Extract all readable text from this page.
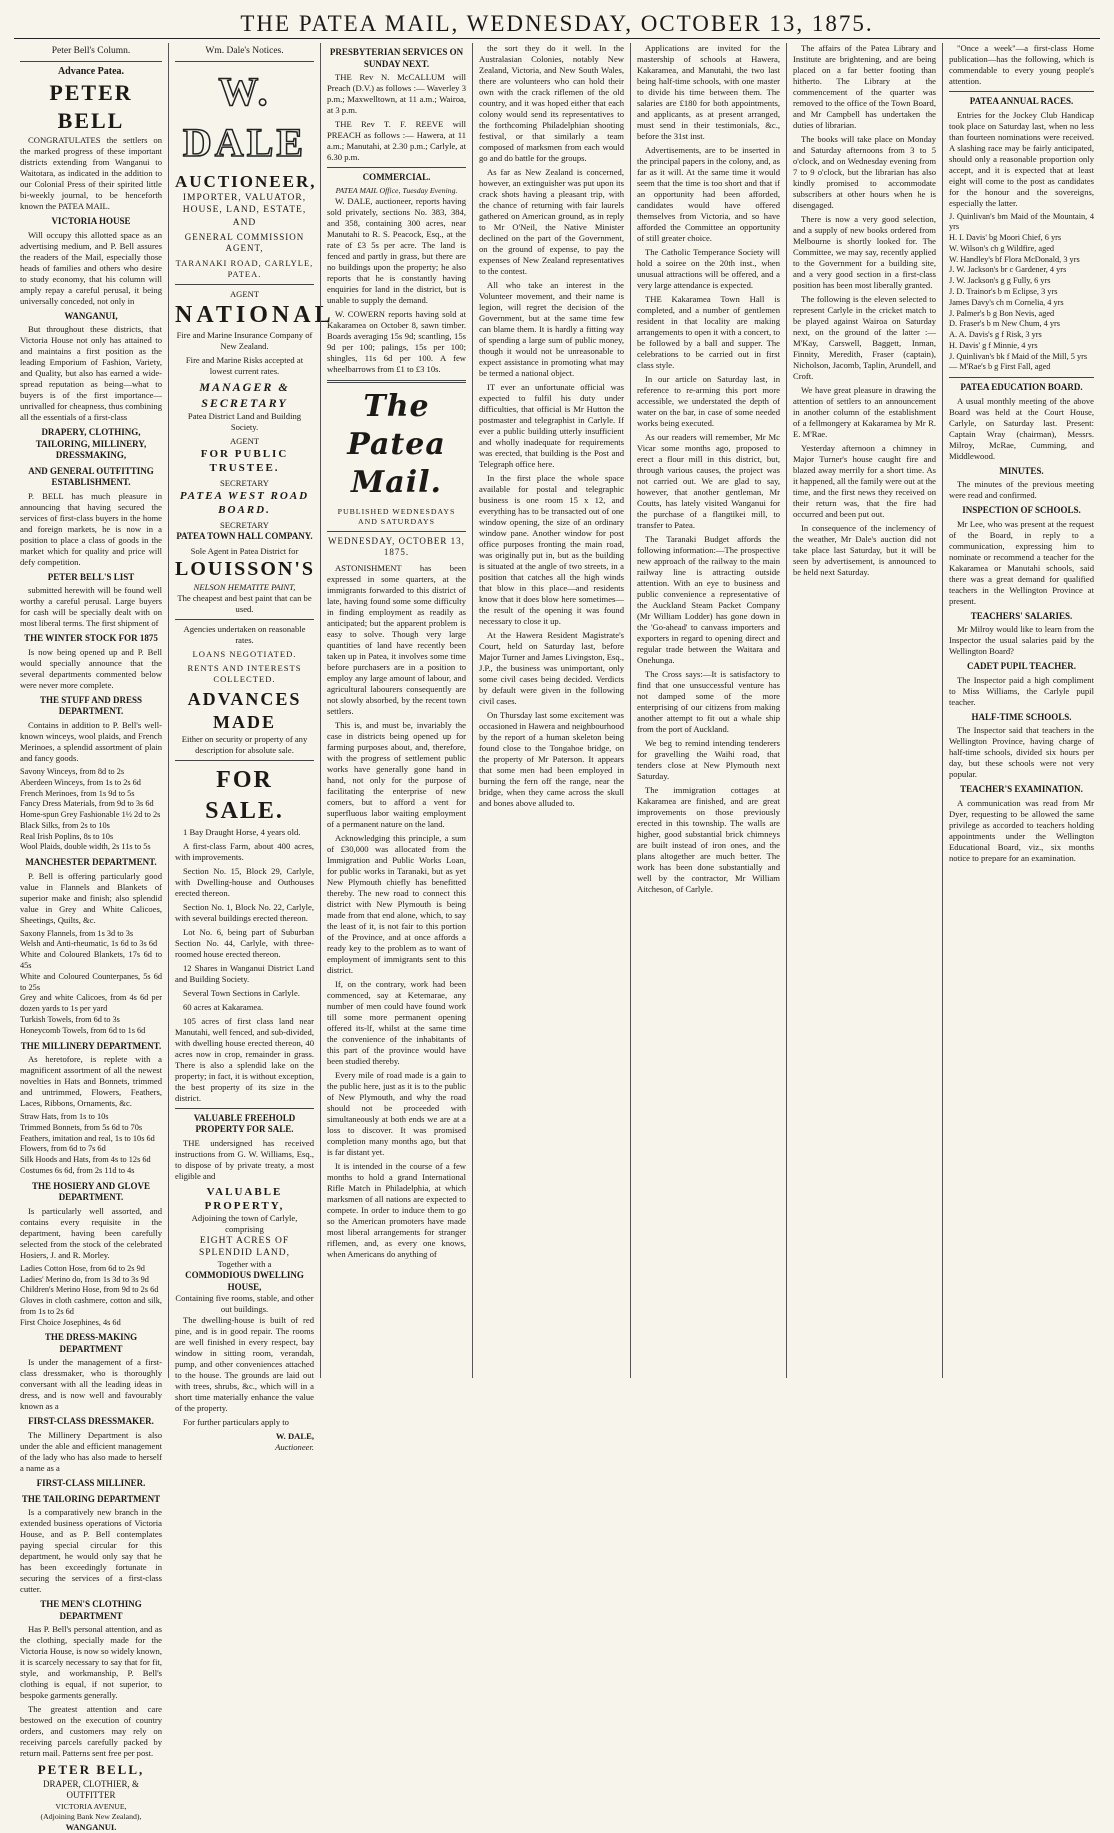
THE PATEA MAIL, WEDNESDAY, OCTOBER 13, 1875.
Peter Bell's Column.
Advance Patea.
PETER BELL

CONGRATULATES the settlers on the marked progress of these important districts extending from Wanganui to Waitotara, as indicated in the addition to our Colonial Press of their spirited little bi-weekly journal, to be henceforth known the PATEA MAIL.

VICTORIA HOUSE

Will occupy this allotted space as an advertising medium, and P. Bell assures the readers of the Mail, especially those heads of families and others who desire to study economy, that his column will amply repay a careful perusal, it being universally conceded, not only in

WANGANUI,

But throughout these districts, that Victoria House not only has attained to and maintains a first position as the leading Emporium of Fashion, Variety, and Quality, but also has earned a wide-spread reputation as being—what to buyers is of the first importance—unrivalled for cheapness, thus combining all the essentials of a first-class

DRAPERY, CLOTHING, TAILORING, MILLINERY, DRESSMAKING,
AND GENERAL OUTFITTING ESTABLISHMENT.

P. BELL has much pleasure in announcing that having secured the services of first-class buyers in the home and foreign markets, he is now in a position to place a class of goods in the market which for quality and price will defy competition.

PETER BELL'S LIST

submitted herewith will be found well worthy a careful perusal. Large buyers for cash will be specially dealt with on most liberal terms. The first shipment of

THE WINTER STOCK FOR 1875

Is now being opened up and P. Bell would specially announce that the several departments commented below were never more complete.

THE STUFF AND DRESS DEPARTMENT.

Contains in addition to P. Bell's well-known winceys, wool plaids, and French Merinoes, a splendid assortment of plain and fancy goods.

Savony Winceys, from 8d to 2s
Aberdeen Winceys, from 1s to 2s 6d
French Merinoes, from 1s 9d to 5s
Fancy Dress Materials, from 9d to 3s 6d
Home-spun Grey Fashionable 1½ 2d to 2s
Black Silks, from 2s to 10s
Real Irish Poplins, 8s to 10s
Wool Plaids, double width, 2s 11s to 5s
MANCHESTER DEPARTMENT.

P. Bell is offering particularly good value in Flannels and Blankets of superior make and finish; also splendid value in Grey and White Calicoes, Sheetings, Quilts, &c.

Saxony Flannels, from 1s 3d to 3s
Welsh and Anti-rheumatic, 1s 6d to 3s 6d
White and Coloured Blankets, 17s 6d to 45s
White and Coloured Counterpanes, 5s 6d to 25s
Grey and white Calicoes, from 4s 6d per dozen yards to 1s per yard
Turkish Towels, from 6d to 3s
Honeycomb Towels, from 6d to 1s 6d
THE MILLINERY DEPARTMENT.

As heretofore, is replete with a magnificent assortment of all the newest novelties in Hats and Bonnets, trimmed and untrimmed, Flowers, Feathers, Laces, Ribbons, Ornaments, &c.

Straw Hats, from 1s to 10s
Trimmed Bonnets, from 5s 6d to 70s
Feathers, imitation and real, 1s to 10s 6d
Flowers, from 6d to 7s 6d
Silk Hoods and Hats, from 4s to 12s 6d
Costumes 6s 6d, from 2s 11d to 4s
THE HOSIERY AND GLOVE DEPARTMENT.

Is particularly well assorted, and contains every requisite in the department, having been carefully selected from the stock of the celebrated Hosiers, J. and R. Morley.

Ladies Cotton Hose, from 6d to 2s 9d
Ladies' Merino do, from 1s 3d to 3s 9d
Children's Merino Hose, from 9d to 2s 6d
Gloves in cloth cashmere, cotton and silk, from 1s to 2s 6d
First Choice Josephines, 4s 6d
THE DRESS-MAKING DEPARTMENT

Is under the management of a first-class dressmaker, who is thoroughly conversant with all the leading ideas in dress, and is now well and favourably known as a

FIRST-CLASS DRESSMAKER.

The Millinery Department is also under the able and efficient management of the lady who has also made to herself a name as a

FIRST-CLASS MILLINER.
THE TAILORING DEPARTMENT

Is a comparatively new branch in the extended business operations of Victoria House, and as P. Bell contemplates paying special circular for this department, he would only say that he has been exceedingly fortunate in securing the services of a first-class cutter.

THE MEN'S CLOTHING DEPARTMENT

Has P. Bell's personal attention, and as the clothing, specially made for the Victoria House, is now so widely known, it is scarcely necessary to say that for fit, style, and workmanship, P. Bell's clothing is equal, if not superior, to bespoke garments generally.

The greatest attention and care bestowed on the execution of country orders, and customers may rely on receiving parcels carefully packed by return mail. Patterns sent free per post.

PETER BELL,
DRAPER, CLOTHIER, & OUTFITTER
VICTORIA AVENUE,
(Adjoining Bank New Zealand),
WANGANUI.
Wm. Dale's Notices.
W. DALE
AUCTIONEER,
IMPORTER, VALUATOR, HOUSE, LAND, ESTATE, AND
GENERAL COMMISSION AGENT,
TARANAKI ROAD, CARLYLE, PATEA.
AGENT
NATIONAL
Fire and Marine Insurance Company of New Zealand.
Fire and Marine Risks accepted at lowest current rates.
MANAGER & SECRETARY
Patea District Land and Building Society.
AGENT
FOR PUBLIC TRUSTEE.
SECRETARY
PATEA WEST ROAD BOARD.
SECRETARY
PATEA TOWN HALL COMPANY.
Sole Agent in Patea District for
LOUISSON'S
NELSON HEMATITE PAINT,
The cheapest and best paint that can be used.
Agencies undertaken on reasonable rates.
LOANS NEGOTIATED.
RENTS AND INTERESTS COLLECTED.
ADVANCES MADE
Either on security or property of any description for absolute sale.
FOR SALE.

1 Bay Draught Horse, 4 years old.

A first-class Farm, about 400 acres, with improvements.

Section No. 15, Block 29, Carlyle, with Dwelling-house and Outhouses erected thereon.

Section No. 1, Block No. 22, Carlyle, with several buildings erected thereon.

Lot No. 6, being part of Suburban Section No. 44, Carlyle, with three-roomed house erected thereon.

12 Shares in Wanganui District Land and Building Society.

Several Town Sections in Carlyle.

60 acres at Kakaramea.

105 acres of first class land near Manutahi, well fenced, and sub-divided, with dwelling house erected thereon, 40 acres now in crop, remainder in grass. There is also a splendid lake on the property; in fact, it is without exception, the best property of its size in the district.

VALUABLE FREEHOLD PROPERTY FOR SALE.

THE undersigned has received instructions from G. W. Williams, Esq., to dispose of by private treaty, a most eligible and

VALUABLE PROPERTY,
Adjoining the town of Carlyle, comprising
EIGHT ACRES OF SPLENDID LAND,
Together with a
COMMODIOUS DWELLING HOUSE,
Containing five rooms, stable, and other out buildings.

The dwelling-house is built of red pine, and is in good repair. The rooms are well finished in every respect, bay window in sitting room, verandah, pump, and other conveniences attached to the house. The grounds are laid out with trees, shrubs, &c., which will in a short time materially enhance the value of the property.

For further particulars apply to

W. DALE,
Auctioneer.
PRESBYTERIAN SERVICES ON SUNDAY NEXT.

THE Rev N. McCALLUM will Preach (D.V.) as follows :— Waverley 3 p.m.; Maxwelltown, at 11 a.m.; Wairoa, at 3 p.m.

THE Rev T. F. REEVE will PREACH as follows :— Hawera, at 11 a.m.; Manutahi, at 2.30 p.m.; Carlyle, at 6.30 p.m.

COMMERCIAL.
PATEA MAIL Office, Tuesday Evening.

W. DALE, auctioneer, reports having sold privately, sections No. 383, 384, and 358, containing 300 acres, near Manutahi to R. S. Peacock, Esq., at the rate of £3 5s per acre. The land is fenced and partly in grass, but there are no buildings upon the property; he also reports that he is constantly having enquiries for land in the district, but is unable to supply the demand.

W. COWERN reports having sold at Kakaramea on October 8, sawn timber. Boards averaging 15s 9d; scantling, 15s 9d per 100; palings, 15s per 100; shingles, 11s 6d per 100. A few wheelbarrows from £1 to £3 10s.

The Patea Mail.
PUBLISHED WEDNESDAYS AND SATURDAYS
WEDNESDAY, OCTOBER 13, 1875.

ASTONISHMENT has been expressed in some quarters, at the immigrants forwarded to this district of late, having found some some difficulty in finding employment as readily as anticipated; but the apparent problem is easy to solve. Though very large quantities of land have recently been taken up in Patea, it involves some time before purchasers are in a position to employ any large amount of labour, and agricultural labourers consequently are not slowly absorbed, by the recent town settlers.

This is, and must be, invariably the case in districts being opened up for farming purposes about, and, therefore, with the progress of settlement public works have generally gone hand in hand, not only for the purpose of facilitating the enterprise of new comers, but to afford a vent for superfluous labor waiting employment of a permanent nature on the land.

Acknowledging this principle, a sum of £30,000 was allocated from the Immigration and Public Works Loan, for public works in Taranaki, but as yet New Plymouth chiefly has benefitted thereby. The new road to connect this district with New Plymouth is being made from that end alone, which, to say the least of it, is not fair to this portion of the Province, and at once affords a ready key to the problem as to want of employment of immigrants sent to this district.

If, on the contrary, work had been commenced, say at Ketemarae, any number of men could have found work till some more permanent opening offered its-lf, whilst at the same time the convenience of the inhabitants of this part of the province would have been studied thereby.

Every mile of road made is a gain to the public here, just as it is to the public of New Plymouth, and why the road should not be proceeded with simultaneously at both ends we are at a loss to discover. It was promised completion many months ago, but that is far distant yet.

It is intended in the course of a few months to hold a grand International Rifle Match in Philadelphia, at which marksmen of all nations are expected to compete. In order to induce them to go so the American promoters have made most liberal arrangements for stranger riflemen, and, as every one knows, when Americans do anything of

the sort they do it well. In the Australasian Colonies, notably New Zealand, Victoria, and New South Wales, there are volunteers who can hold their own with the crack riflemen of the old country, and it was hoped either that each colony would send its representatives to the forthcoming Philadelphian shooting festival, or that similarly a team composed of marksmen from each would go and do battle for the groups.

As far as New Zealand is concerned, however, an extinguisher was put upon its crack shots having a pleasant trip, with the chance of returning with fair laurels gathered on American ground, as in reply to Mr O'Neil, the Native Minister declined on the part of the Government, on the ground of expense, to pay the expenses of New Zealand representatives to the contest.

All who take an interest in the Volunteer movement, and their name is legion, will regret the decision of the Government, but at the same time few can blame them. It is hardly a fitting way of spending a large sum of public money, though it would not be unreasonable to expect assistance in promoting what may be termed a national object.

IT ever an unfortunate official was expected to fulfil his duty under difficulties, that official is Mr Hutton the postmaster and telegraphist in Carlyle. If ever a public building utterly insufficient and wholly inadequate for requirements was erected, that building is the Post and Telegraph office here.

In the first place the whole space available for postal and telegraphic business is one room 15 x 12, and everything has to be transacted out of one window opening, the size of an ordinary window pane. Another window for post office purposes fronting the main road, was originally put in, but as the building is situated at the angle of two streets, in a position that catches all the high winds that blow in this place—and residents know that it does blow here sometimes—the result of the opening it was found necessary to close it up.

At the Hawera Resident Magistrate's Court, held on Saturday last, before Major Turner and James Livingston, Esq., J.P., the business was unimportant, only some civil cases being decided. Verdicts by default were given in the following civil cases.

On Thursday last some excitement was occasioned in Hawera and neighbourhood by the report of a human skeleton being found close to the Tongahoe bridge, on the property of Mr Paterson. It appears that some men had been employed in burning the fern off the range, near the bridge, when they came across the skull and bones above alluded to.

Applications are invited for the mastership of schools at Hawera, Kakaramea, and Manutahi, the two last being half-time schools, with one master to divide his time between them. The salaries are £180 for both appointments, and applicants, as at present arranged, must send in their testimonials, &c., before the 31st inst.

Advertisements, are to be inserted in the principal papers in the colony, and, as far as it will. At the same time it would seem that the time is too short and that if an opportunity had been afforded, candidates would have offered themselves from Victoria, and so have afforded the Committee an opportunity of still greater choice.

The Catholic Temperance Society will hold a soiree on the 20th inst., when unusual attractions will be offered, and a very large attendance is expected.

THE Kakaramea Town Hall is completed, and a number of gentlemen resident in that locality are making arrangements to open it with a concert, to be followed by a ball and supper. The celebrations to be carried out in first class style.

In our article on Saturday last, in reference to re-arming this port more accessible, we understated the depth of water on the bar, in case of some needed works being executed.

As our readers will remember, Mr Mc Vicar some months ago, proposed to erect a flour mill in this district, but, through various causes, the project was not carried out. We are glad to say, however, that another gentleman, Mr Coutts, has lately visited Wanganui for the purchase of a flangtikei mill, to transfer to Patea.

The Taranaki Budget affords the following information:—The prospective new approach of the railway to the main railway line is attracting outside attention. With an eye to business and public convenience a representative of the Auckland Steam Packet Company (Mr William Lodder) has gone down in the 'Go-ahead' to canvass importers and exporters in regard to opening direct and regular trade between the Waitara and Onehunga.

The Cross says:—It is satisfactory to find that one unsuccessful venture has not damped some of the more enterprising of our citizens from making another attempt to fit out a whale ship from the port of Auckland.

We beg to remind intending tenderers for gravelling the Waihi road, that tenders close at New Plymouth next Saturday.

The immigration cottages at Kakaramea are finished, and are great improvements on those previously erected in this township. The walls are higher, good substantial brick chimneys are built instead of iron ones, and the plans altogether are much better. The work has been done substantially and well by the contractor, Mr William Aitcheson, of Carlyle.

The affairs of the Patea Library and Institute are brightening, and are being placed on a far better footing than hitherto. The Library at the commencement of the quarter was removed to the office of the Town Board, and Mr Campbell has undertaken the duties of librarian.

The books will take place on Monday and Saturday afternoons from 3 to 5 o'clock, and on Wednesday evening from 7 to 9 o'clock, but the librarian has also kindly promised to accommodate subscribers at other hours when he is disengaged.

There is now a very good selection, and a supply of new books ordered from Melbourne is shortly looked for. The Committee, we may say, recently applied to the Government for a building site, and a very good section in a first-class position has been most liberally granted.

The following is the eleven selected to represent Carlyle in the cricket match to be played against Wairoa on Saturday next, on the ground of the latter :—M'Kay, Carswell, Baggett, Inman, Finnity, Meredith, Fraser (captain), Nicholson, Jacomb, Taplin, Arundell, and Croft.

We have great pleasure in drawing the attention of settlers to an announcement in another column of the establishment of a fellmongery at Kakaramea by Mr R. E. M'Rae.

Yesterday afternoon a chimney in Major Turner's house caught fire and blazed away merrily for a short time. As it happened, all the family were out at the time, and the first news they received on their return was, that the fire had occurred and been put out.

In consequence of the inclemency of the weather, Mr Dale's auction did not take place last Saturday, but it will be seen by advertisement, is announced to be held next Saturday.

"Once a week"—a first-class Home publication—has the following, which is commendable to every young people's attention.

PATEA ANNUAL RACES.

Entries for the Jockey Club Handicap took place on Saturday last, when no less than fourteen nominations were received. A slashing race may be fairly anticipated, should only a reasonable proportion only accept, and it is expected that at least eight will come to the post as candidates for the honour and the sovereigns, especially the latter.

J. Quinlivan's bm Maid of the Mountain, 4 yrs
H. I. Davis' bg Moori Chief, 6 yrs
W. Wilson's ch g Wildfire, aged
W. Handley's bf Flora McDonald, 3 yrs
J. W. Jackson's br c Gardener, 4 yrs
J. W. Jackson's g g Fully, 6 yrs
J. D. Trainor's b m Eclipse, 3 yrs
James Davy's ch m Cornelia, 4 yrs
J. Palmer's b g Bon Nevis, aged
D. Fraser's b m New Chum, 4 yrs
A. A. Davis's g f Risk, 3 yrs
H. Davis' g f Minnie, 4 yrs
J. Quinlivan's bk f Maid of the Mill, 5 yrs
— M'Rae's b g First Fall, aged
PATEA EDUCATION BOARD.

A usual monthly meeting of the above Board was held at the Court House, Carlyle, on Saturday last. Present: Captain Wray (chairman), Messrs. Milroy, McRae, Cumming, and Middlewood.

MINUTES.

The minutes of the previous meeting were read and confirmed.

INSPECTION OF SCHOOLS.

Mr Lee, who was present at the request of the Board, in reply to a communication, expressing him to nominate or recommend a teacher for the Kakaramea or Manutahi schools, said there was a great demand for qualified teachers in the Wellington Province at present.

TEACHERS' SALARIES.

Mr Milroy would like to learn from the Inspector the usual salaries paid by the Wellington Board?

CADET PUPIL TEACHER.

The Inspector paid a high compliment to Miss Williams, the Carlyle pupil teacher.

HALF-TIME SCHOOLS.

The Inspector said that teachers in the Wellington Province, having charge of half-time schools, divided six hours per day, but these schools were not very popular.

TEACHER'S EXAMINATION.

A communication was read from Mr Dyer, requesting to be allowed the same privilege as accorded to teachers holding appointments under the Wellington Educational Board, viz., six months notice to prepare for an examination.
